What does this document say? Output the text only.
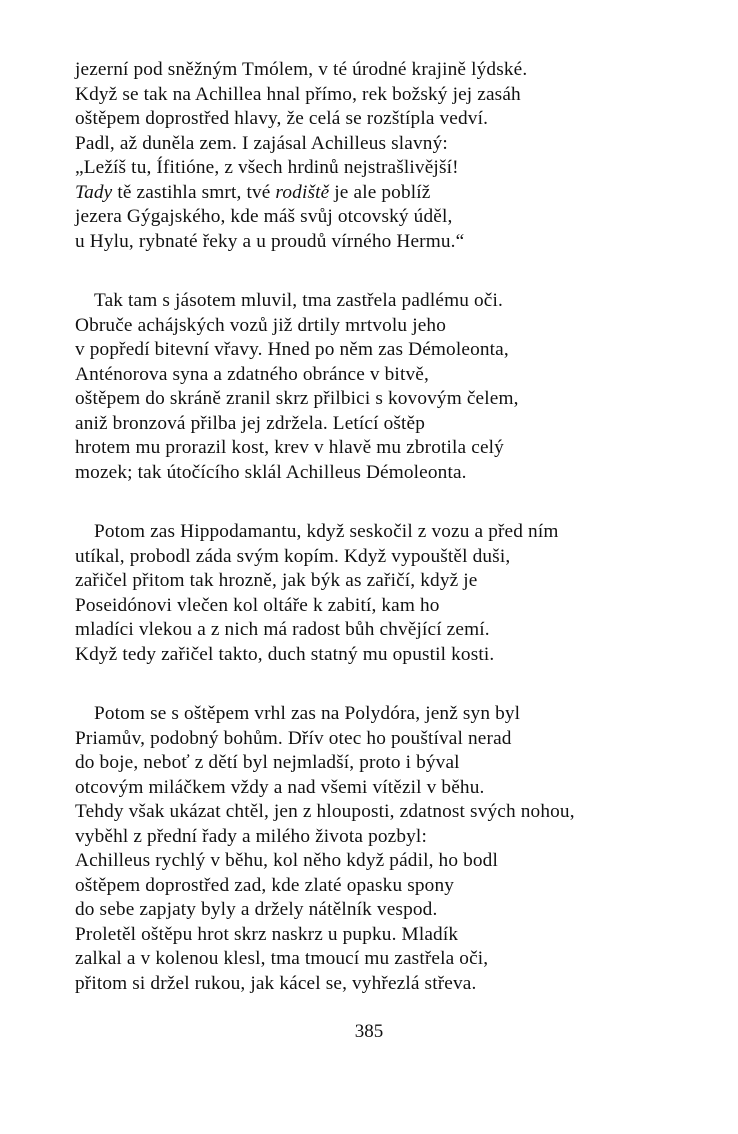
jezerní pod sněžným Tmólem, v té úrodné krajině lýdské.
Když se tak na Achillea hnal přímo, rek božský jej zasáh
oštěpem doprostřed hlavy, že celá se rozštípla vedví.
Padl, až duněla zem. I zajásal Achilleus slavný:
„Ležíš tu, Ífitióne, z všech hrdinů nejstrašlivější!
Tady tě zastihla smrt, tvé rodiště je ale poblíž
jezera Gýgajského, kde máš svůj otcovský úděl,
u Hylu, rybnaté řeky a u proudů vírného Hermu.“
Tak tam s jásotem mluvil, tma zastřela padlému oči.
Obruče achájských vozů již drtily mrtvolu jeho
v popředí bitevní vřavy. Hned po něm zas Démoleonta,
Anténorova syna a zdatného obránce v bitvě,
oštěpem do skráně zranil skrz přilbici s kovovým čelem,
aniž bronzová přilba jej zdržela. Letící oštěp
hrotem mu prorazil kost, krev v hlavě mu zbrotila celý
mozek; tak útočícího sklál Achilleus Démoleonta.
Potom zas Hippodamantu, když seskočil z vozu a před ním
utíkal, probodl záda svým kopím. Když vypouštěl duši,
zařičel přitom tak hrozně, jak býk as zařičí, když je
Poseidónovi vlečen kol oltáře k zabití, kam ho
mladíci vlekou a z nich má radost bůh chvějící zemí.
Když tedy zařičel takto, duch statný mu opustil kosti.
Potom se s oštěpem vrhl zas na Polydóra, jenž syn byl
Priamův, podobný bohům. Dřív otec ho pouštíval nerad
do boje, neboť z dětí byl nejmladší, proto i býval
otcovým miláčkem vždy a nad všemi vítězil v běhu.
Tehdy však ukázat chtěl, jen z hlouposti, zdatnost svých nohou,
vyběhl z přední řady a milého života pozbyl:
Achilleus rychlý v běhu, kol něho když pádil, ho bodl
oštěpem doprostřed zad, kde zlaté opasku spony
do sebe zapjaty byly a držely nátělník vespod.
Proletěl oštěpu hrot skrz naskrz u pupku. Mladík
zalkal a v kolenou klesl, tma tmoucí mu zastřela oči,
přitom si držel rukou, jak kácel se, vyhřezlá střeva.
385
